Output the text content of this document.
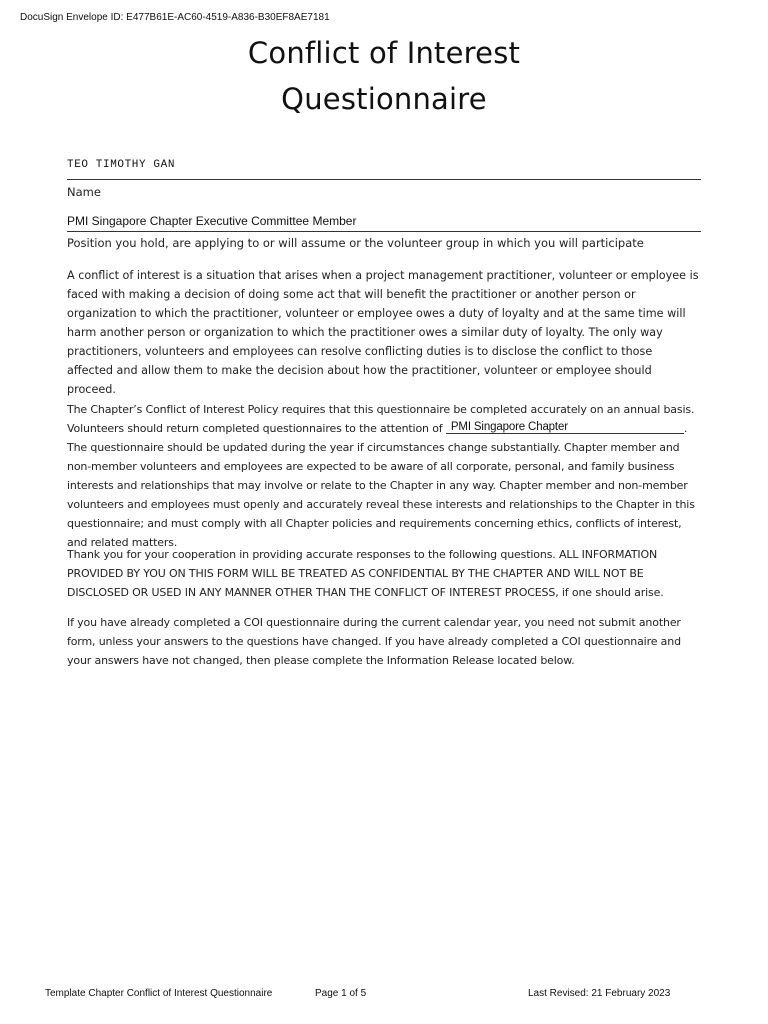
DocuSign Envelope ID: E477B61E-AC60-4519-A836-B30EF8AE7181
Conflict of Interest
Questionnaire
TEO TIMOTHY GAN
Name
PMI Singapore Chapter Executive Committee Member
Position you hold, are applying to or will assume or the volunteer group in which you will participate

A conflict of interest is a situation that arises when a project management practitioner, volunteer or employee is faced with making a decision of doing some act that will benefit the practitioner or another person or organization to which the practitioner, volunteer or employee owes a duty of loyalty and at the same time will harm another person or organization to which the practitioner owes a similar duty of loyalty. The only way practitioners, volunteers and employees can resolve conflicting duties is to disclose the conflict to those affected and allow them to make the decision about how the practitioner, volunteer or employee should proceed.

The Chapter’s Conflict of Interest Policy requires that this questionnaire be completed accurately on an annual basis. Volunteers should return completed questionnaires to the attention of PMI Singapore Chapter	. The questionnaire should be updated during the year if circumstances change substantially. Chapter member and non-member volunteers and employees are expected to be aware of all corporate, personal, and family business interests and relationships that may involve or relate to the Chapter in any way. Chapter member and non-member volunteers and employees must openly and accurately reveal these interests and relationships to the Chapter in this questionnaire; and must comply with all Chapter policies and requirements concerning ethics, conflicts of interest, and related matters.

Thank you for your cooperation in providing accurate responses to the following questions. ALL INFORMATION PROVIDED BY YOU ON THIS FORM WILL BE TREATED AS CONFIDENTIAL BY THE CHAPTER AND WILL NOT BE DISCLOSED OR USED IN ANY MANNER OTHER THAN THE CONFLICT OF INTEREST PROCESS, if one should arise.

If you have already completed a COI questionnaire during the current calendar year, you need not submit another form, unless your answers to the questions have changed. If you have already completed a COI questionnaire and your answers have not changed, then please complete the Information Release located below.

Template Chapter Conflict of Interest Questionnaire	Page 1 of 5	Last Revised: 21 February 2023
